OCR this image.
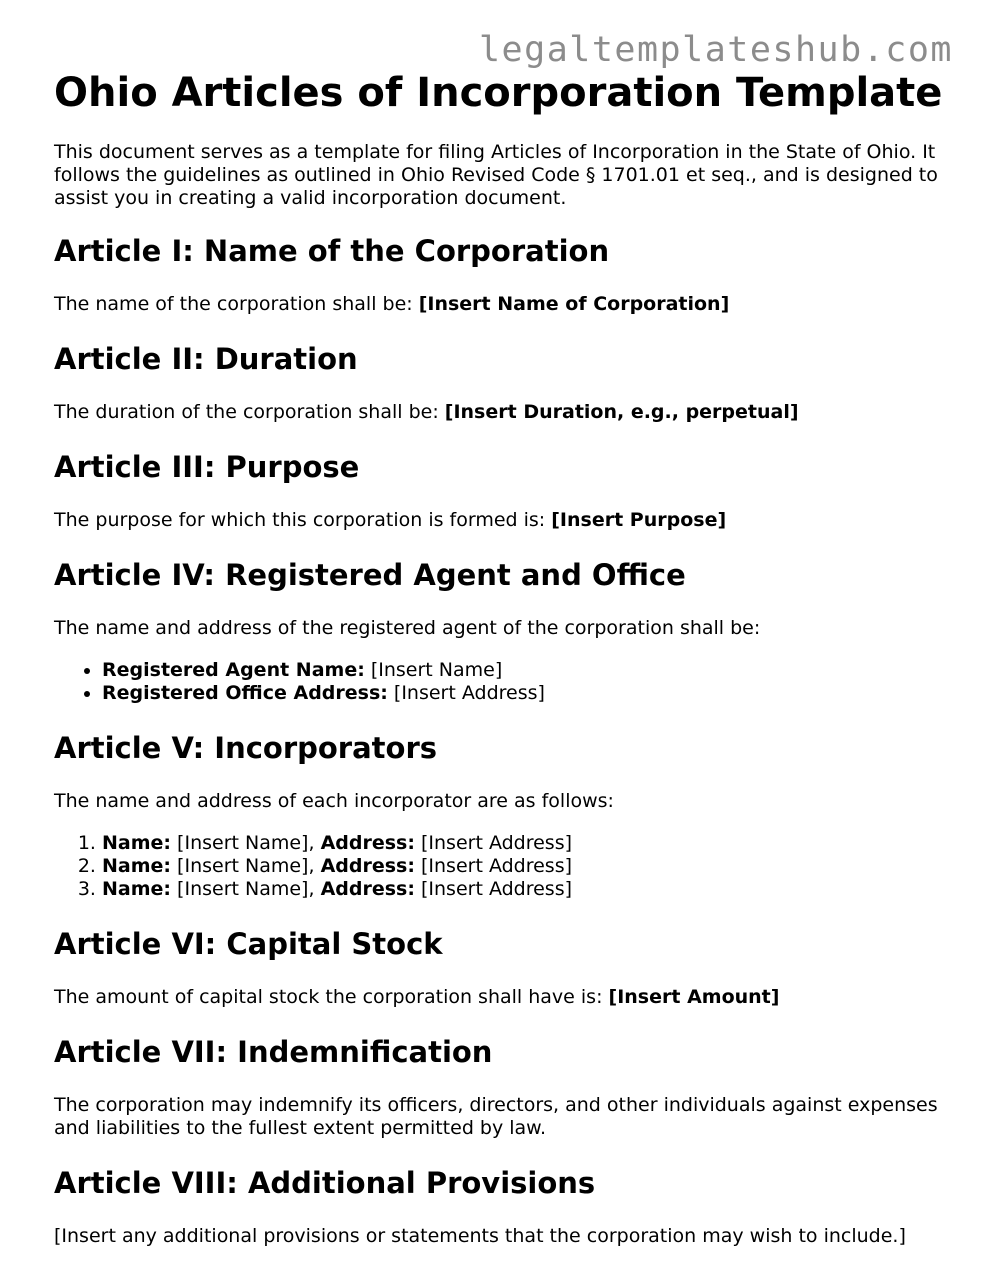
legaltemplateshub.com
Ohio Articles of Incorporation Template

This document serves as a template for filing Articles of Incorporation in the State of Ohio. It follows the guidelines as outlined in Ohio Revised Code § 1701.01 et seq., and is designed to assist you in creating a valid incorporation document.

Article I: Name of the Corporation

The name of the corporation shall be: [Insert Name of Corporation]

Article II: Duration

The duration of the corporation shall be: [Insert Duration, e.g., perpetual]

Article III: Purpose

The purpose for which this corporation is formed is: [Insert Purpose]

Article IV: Registered Agent and Office

The name and address of the registered agent of the corporation shall be:

• Registered Agent Name: [Insert Name]
• Registered Office Address: [Insert Address]
Article V: Incorporators

The name and address of each incorporator are as follows:

1. Name: [Insert Name], Address: [Insert Address]
2. Name: [Insert Name], Address: [Insert Address]
3. Name: [Insert Name], Address: [Insert Address]
Article VI: Capital Stock

The amount of capital stock the corporation shall have is: [Insert Amount]

Article VII: Indemnification

The corporation may indemnify its officers, directors, and other individuals against expenses and liabilities to the fullest extent permitted by law.

Article VIII: Additional Provisions

[Insert any additional provisions or statements that the corporation may wish to include.]
